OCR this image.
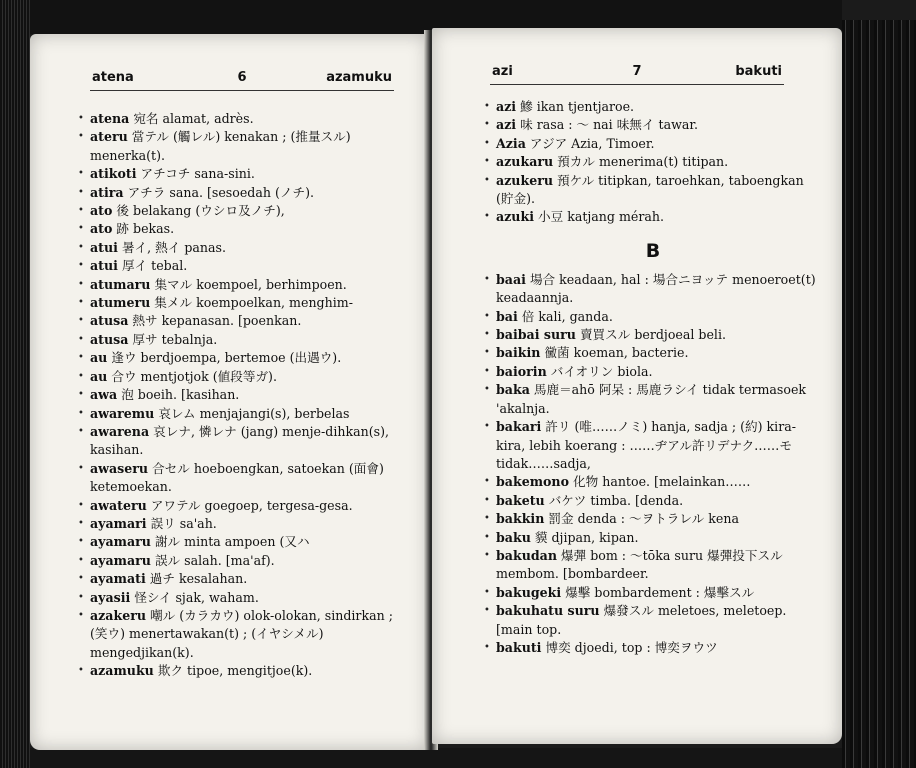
atena	6	azamuku
• atena 宛名 alamat, adrès.
• ateru 當テル (觸レル) kenakan ; (推量スル) menerka(t).
• atikoti アチコチ sana-sini.
• atira アチラ sana. [sesoedah (ノチ).
• ato 後 belakang (ウシロ及ノチ),
• ato 跡 bekas.
• atui 暑イ, 熱イ panas.
• atui 厚イ tebal.
• atumaru 集マル koempoel, berhimpoen.
• atumeru 集メル koempoelkan, menghim-
• atusa 熱サ kepanasan. [poenkan.
• atusa 厚サ tebalnja.
• au 逢ウ berdjoempa, bertemoe (出遇ウ).
• au 合ウ mentjotjok (値段等ガ).
• awa 泡 boeih. [kasihan.
• awaremu 哀レム menjajangi(s), berbelas
• awarena 哀レナ, 憐レナ (jang) menje-dihkan(s), kasihan.
• awaseru 合セル hoeboengkan, satoekan (面會) ketemoekan.
• awateru アワテル goegoep, tergesa-gesa.
• ayamari 誤リ sa'ah.
• ayamaru 謝ル minta ampoen (又ハ
• ayamaru 誤ル salah. [ma'af).
• ayamati 過チ kesalahan.
• ayasii 怪シイ sjak, waham.
• azakeru 嘲ル (カラカウ) olok-olokan, sindirkan ; (笑ウ) menertawakan(t) ; (イヤシメル) mengedjikan(k).
• azamuku 欺ク tipoe, mengitjoe(k).
azi	7	bakuti
• azi 鰺 ikan tjentjaroe.
• azi 味 rasa : ～ nai 味無イ tawar.
• Azia アジア Azia, Timoer.
• azukaru 預カル menerima(t) titipan.
• azukeru 預ケル titipkan, taroehkan, taboengkan (貯金).
• azuki 小豆 katjang mérah.
B
• baai 場合 keadaan, hal : 場合ニヨッテ menoeroet(t) keadaannja.
• bai 倍 kali, ganda.
• baibai suru 賣買スル berdjoeal beli.
• baikin 黴菌 koeman, bacterie.
• baiorin バイオリン biola.
• baka 馬鹿＝ahō 阿呆 : 馬鹿ラシイ tidak termasoek 'akalnja.
• bakari 許リ (唯……ノミ) hanja, sadja ; (約) kira-kira, lebih koerang : ……ヂアル許リデナク……モ tidak……sadja,
• bakemono 化物 hantoe. [melainkan……
• baketu バケツ timba. [denda.
• bakkin 罰金 denda : ～ヲトラレル kena
• baku 貘 djipan, kipan.
• bakudan 爆彈 bom : ～tōka suru 爆彈投下スル membom. [bombardeer.
• bakugeki 爆擊 bombardement : 爆擊スル
• bakuhatu suru 爆發スル meletoes, meletoep. [main top.
• bakuti 博奕 djoedi, top : 博奕ヲウツ
